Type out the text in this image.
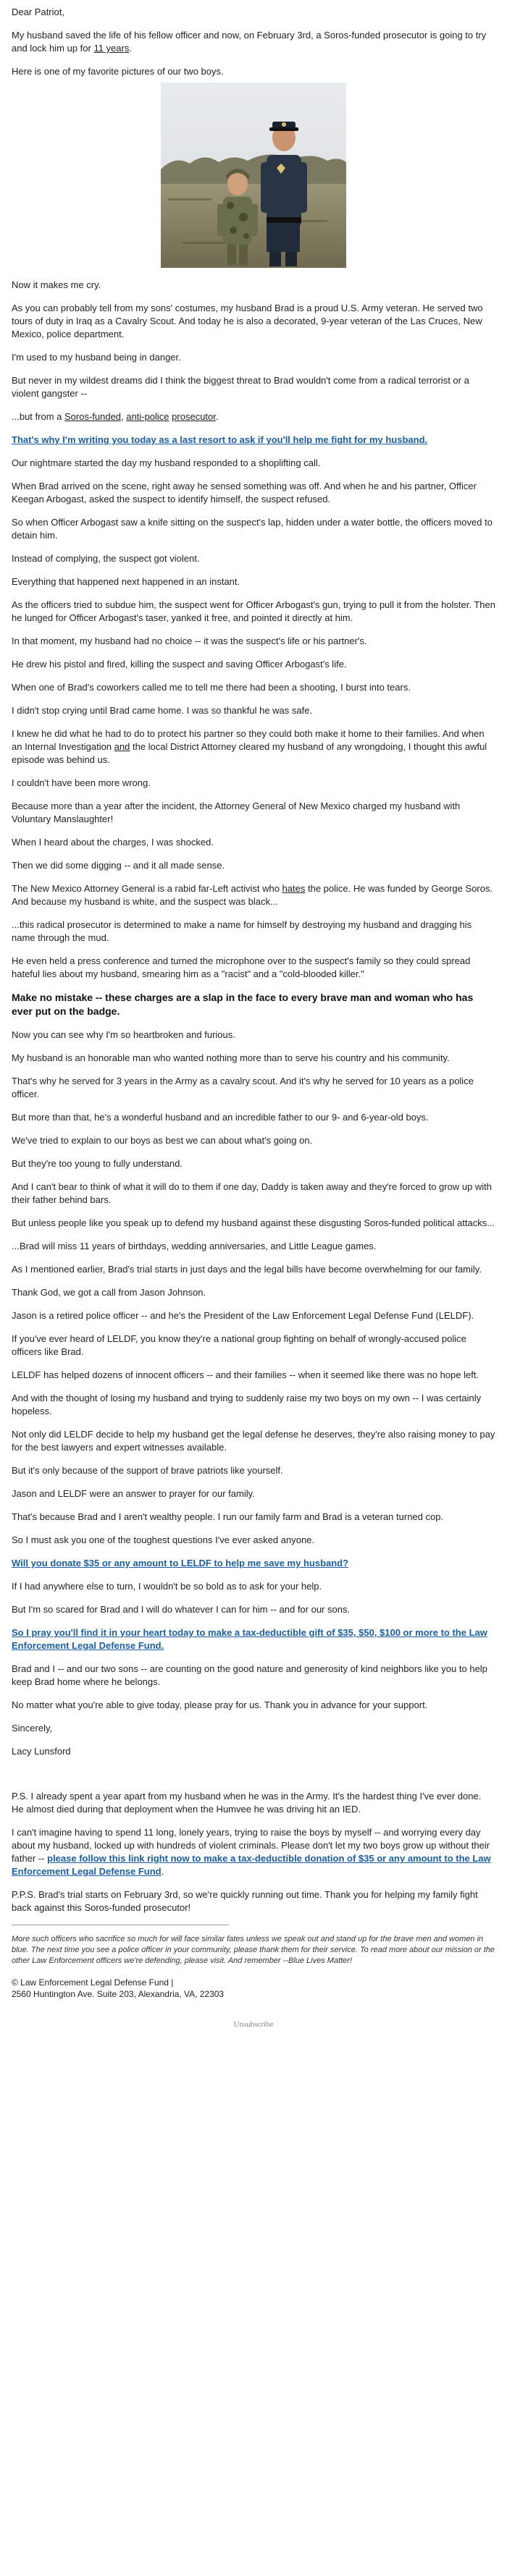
Dear Patriot,

My husband saved the life of his fellow officer and now, on February 3rd, a Soros-funded prosecutor is going to try and lock him up for 11 years.

Here is one of my favorite pictures of our two boys.

Now it makes me cry.

As you can probably tell from my sons' costumes, my husband Brad is a proud U.S. Army veteran. He served two tours of duty in Iraq as a Cavalry Scout. And today he is also a decorated, 9-year veteran of the Las Cruces, New Mexico, police department.

I'm used to my husband being in danger.

But never in my wildest dreams did I think the biggest threat to Brad wouldn't come from a radical terrorist or a violent gangster --

...but from a Soros-funded, anti-police prosecutor.

That's why I'm writing you today as a last resort to ask if you'll help me fight for my husband.

Our nightmare started the day my husband responded to a shoplifting call.

When Brad arrived on the scene, right away he sensed something was off. And when he and his partner, Officer Keegan Arbogast, asked the suspect to identify himself, the suspect refused.

So when Officer Arbogast saw a knife sitting on the suspect's lap, hidden under a water bottle, the officers moved to detain him.

Instead of complying, the suspect got violent.

Everything that happened next happened in an instant.

As the officers tried to subdue him, the suspect went for Officer Arbogast's gun, trying to pull it from the holster. Then he lunged for Officer Arbogast's taser, yanked it free, and pointed it directly at him.

In that moment, my husband had no choice -- it was the suspect's life or his partner's.

He drew his pistol and fired, killing the suspect and saving Officer Arbogast's life.

When one of Brad's coworkers called me to tell me there had been a shooting, I burst into tears.

I didn't stop crying until Brad came home. I was so thankful he was safe.

I knew he did what he had to do to protect his partner so they could both make it home to their families. And when an Internal Investigation and the local District Attorney cleared my husband of any wrongdoing, I thought this awful episode was behind us.

I couldn't have been more wrong.

Because more than a year after the incident, the Attorney General of New Mexico charged my husband with Voluntary Manslaughter!

When I heard about the charges, I was shocked.

Then we did some digging -- and it all made sense.

The New Mexico Attorney General is a rabid far-Left activist who hates the police. He was funded by George Soros. And because my husband is white, and the suspect was black...

...this radical prosecutor is determined to make a name for himself by destroying my husband and dragging his name through the mud.

He even held a press conference and turned the microphone over to the suspect's family so they could spread hateful lies about my husband, smearing him as a "racist" and a "cold-blooded killer."

Make no mistake -- these charges are a slap in the face to every brave man and woman who has ever put on the badge.

Now you can see why I'm so heartbroken and furious.

My husband is an honorable man who wanted nothing more than to serve his country and his community.

That's why he served for 3 years in the Army as a cavalry scout. And it's why he served for 10 years as a police officer.

But more than that, he's a wonderful husband and an incredible father to our 9- and 6-year-old boys.

We've tried to explain to our boys as best we can about what's going on.

But they're too young to fully understand.

And I can't bear to think of what it will do to them if one day, Daddy is taken away and they're forced to grow up with their father behind bars.

But unless people like you speak up to defend my husband against these disgusting Soros-funded political attacks...

...Brad will miss 11 years of birthdays, wedding anniversaries, and Little League games.

As I mentioned earlier, Brad's trial starts in just days and the legal bills have become overwhelming for our family.

Thank God, we got a call from Jason Johnson.

Jason is a retired police officer -- and he's the President of the Law Enforcement Legal Defense Fund (LELDF).

If you've ever heard of LELDF, you know they're a national group fighting on behalf of wrongly-accused police officers like Brad.

LELDF has helped dozens of innocent officers -- and their families -- when it seemed like there was no hope left.

And with the thought of losing my husband and trying to suddenly raise my two boys on my own -- I was certainly hopeless.

Not only did LELDF decide to help my husband get the legal defense he deserves, they're also raising money to pay for the best lawyers and expert witnesses available.

But it's only because of the support of brave patriots like yourself.

Jason and LELDF were an answer to prayer for our family.

That's because Brad and I aren't wealthy people. I run our family farm and Brad is a veteran turned cop.

So I must ask you one of the toughest questions I've ever asked anyone.

Will you donate $35 or any amount to LELDF to help me save my husband?

If I had anywhere else to turn, I wouldn't be so bold as to ask for your help.

But I'm so scared for Brad and I will do whatever I can for him -- and for our sons.

So I pray you'll find it in your heart today to make a tax-deductible gift of $35, $50, $100 or more to the Law Enforcement Legal Defense Fund.

Brad and I -- and our two sons -- are counting on the good nature and generosity of kind neighbors like you to help keep Brad home where he belongs.

No matter what you're able to give today, please pray for us. Thank you in advance for your support.

Sincerely,

Lacy Lunsford

P.S. I already spent a year apart from my husband when he was in the Army. It's the hardest thing I've ever done. He almost died during that deployment when the Humvee he was driving hit an IED.

I can't imagine having to spend 11 long, lonely years, trying to raise the boys by myself -- and worrying every day about my husband, locked up with hundreds of violent criminals. Please don't let my two boys grow up without their father -- please follow this link right now to make a tax-deductible donation of $35 or any amount to the Law Enforcement Legal Defense Fund.

P.P.S. Brad's trial starts on February 3rd, so we're quickly running out time. Thank you for helping my family fight back against this Soros-funded prosecutor!

More such officers who sacrifice so much for will face similar fates unless we speak out and stand up for the brave men and women in blue. The next time you see a police officer in your community, please thank them for their service. To read more about our mission or the other Law Enforcement officers we're defending, please visit. And remember --Blue Lives Matter!

© Law Enforcement Legal Defense Fund |
2560 Huntington Ave. Suite 203, Alexandria, VA, 22303
Unsubscribe
